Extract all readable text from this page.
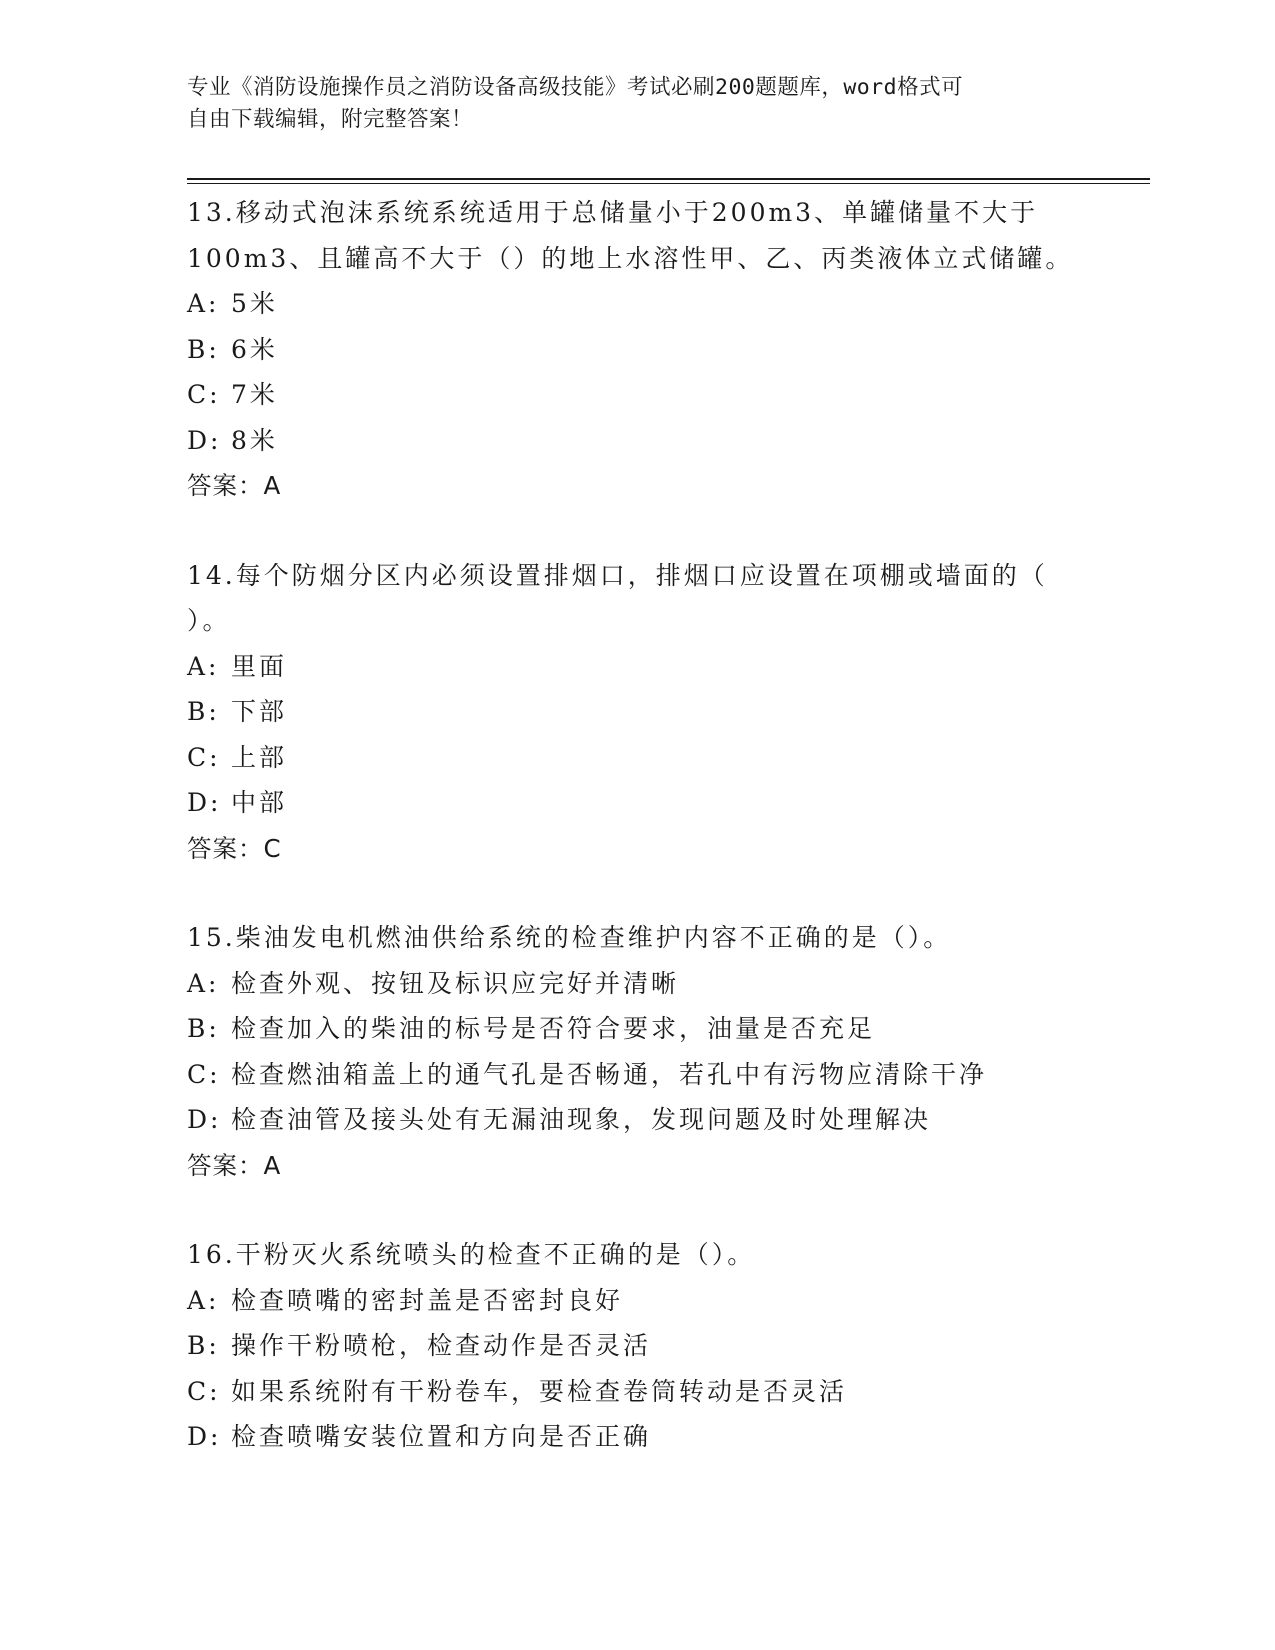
专业《消防设施操作员之消防设备高级技能》考试必刷200题题库，word格式可
自由下载编辑，附完整答案！
13.移动式泡沫系统系统适用于总储量小于200m3、单罐储量不大于
100m3、且罐高不大于（）的地上水溶性甲、乙、丙类液体立式储罐。
A: 5米
B: 6米
C: 7米
D: 8米
答案：A
14.每个防烟分区内必须设置排烟口，排烟口应设置在项棚或墙面的（
）。
A: 里面
B: 下部
C: 上部
D: 中部
答案：C
15.柴油发电机燃油供给系统的检查维护内容不正确的是（）。
A: 检查外观、按钮及标识应完好并清晰
B: 检查加入的柴油的标号是否符合要求，油量是否充足
C: 检查燃油箱盖上的通气孔是否畅通，若孔中有污物应清除干净
D: 检查油管及接头处有无漏油现象，发现问题及时处理解决
答案：A
16.干粉灭火系统喷头的检查不正确的是（）。
A: 检查喷嘴的密封盖是否密封良好
B: 操作干粉喷枪，检查动作是否灵活
C: 如果系统附有干粉卷车，要检查卷筒转动是否灵活
D: 检查喷嘴安装位置和方向是否正确
